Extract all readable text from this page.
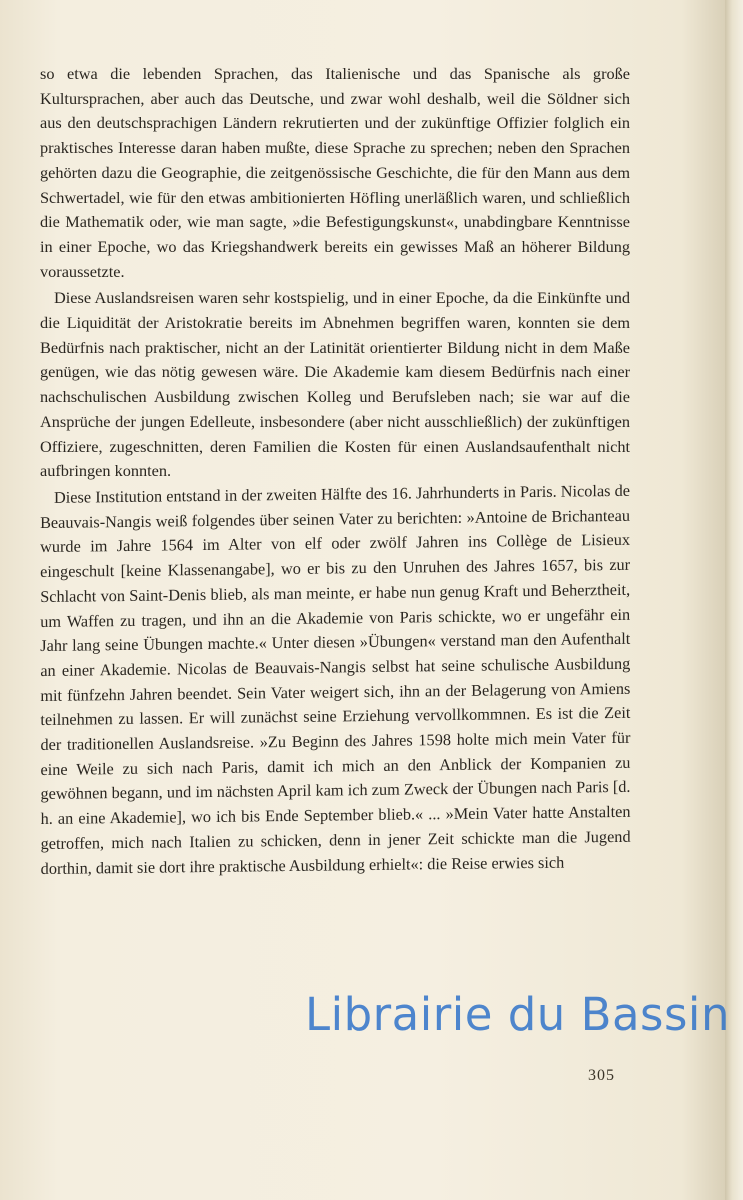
so etwa die lebenden Sprachen, das Italienische und das Spanische als große Kultursprachen, aber auch das Deutsche, und zwar wohl deshalb, weil die Söldner sich aus den deutschsprachigen Ländern rekrutierten und der zukünftige Offizier folglich ein praktisches Interesse daran haben mußte, diese Sprache zu sprechen; neben den Sprachen gehörten dazu die Geographie, die zeitgenössische Geschichte, die für den Mann aus dem Schwertadel, wie für den etwas ambitionierten Höfling unerläßlich waren, und schließlich die Mathematik oder, wie man sagte, »die Befestigungskunst«, unabdingbare Kenntnisse in einer Epoche, wo das Kriegshandwerk bereits ein gewisses Maß an höherer Bildung voraussetzte.

Diese Auslandsreisen waren sehr kostspielig, und in einer Epoche, da die Einkünfte und die Liquidität der Aristokratie bereits im Abnehmen begriffen waren, konnten sie dem Bedürfnis nach praktischer, nicht an der Latinität orientierter Bildung nicht in dem Maße genügen, wie das nötig gewesen wäre. Die Akademie kam diesem Bedürfnis nach einer nachschulischen Ausbildung zwischen Kolleg und Berufsleben nach; sie war auf die Ansprüche der jungen Edelleute, insbesondere (aber nicht ausschließlich) der zukünftigen Offiziere, zugeschnitten, deren Familien die Kosten für einen Auslandsaufenthalt nicht aufbringen konnten.

Diese Institution entstand in der zweiten Hälfte des 16. Jahrhunderts in Paris. Nicolas de Beauvais-Nangis weiß folgendes über seinen Vater zu berichten: »Antoine de Brichanteau wurde im Jahre 1564 im Alter von elf oder zwölf Jahren ins Collège de Lisieux eingeschult [keine Klassenangabe], wo er bis zu den Unruhen des Jahres 1657, bis zur Schlacht von Saint-Denis blieb, als man meinte, er habe nun genug Kraft und Beherztheit, um Waffen zu tragen, und ihn an die Akademie von Paris schickte, wo er ungefähr ein Jahr lang seine Übungen machte.« Unter diesen »Übungen« verstand man den Aufenthalt an einer Akademie. Nicolas de Beauvais-Nangis selbst hat seine schulische Ausbildung mit fünfzehn Jahren beendet. Sein Vater weigert sich, ihn an der Belagerung von Amiens teilnehmen zu lassen. Er will zunächst seine Erziehung vervollkommnen. Es ist die Zeit der traditionellen Auslandsreise. »Zu Beginn des Jahres 1598 holte mich mein Vater für eine Weile zu sich nach Paris, damit ich mich an den Anblick der Kompanien zu gewöhnen begann, und im nächsten April kam ich zum Zweck der Übungen nach Paris [d. h. an eine Akademie], wo ich bis Ende September blieb.« ... »Mein Vater hatte Anstalten getroffen, mich nach Italien zu schicken, denn in jener Zeit schickte man die Jugend dorthin, damit sie dort ihre praktische Ausbildung erhielt«: die Reise erwies sich

305
Librairie du Bassin
